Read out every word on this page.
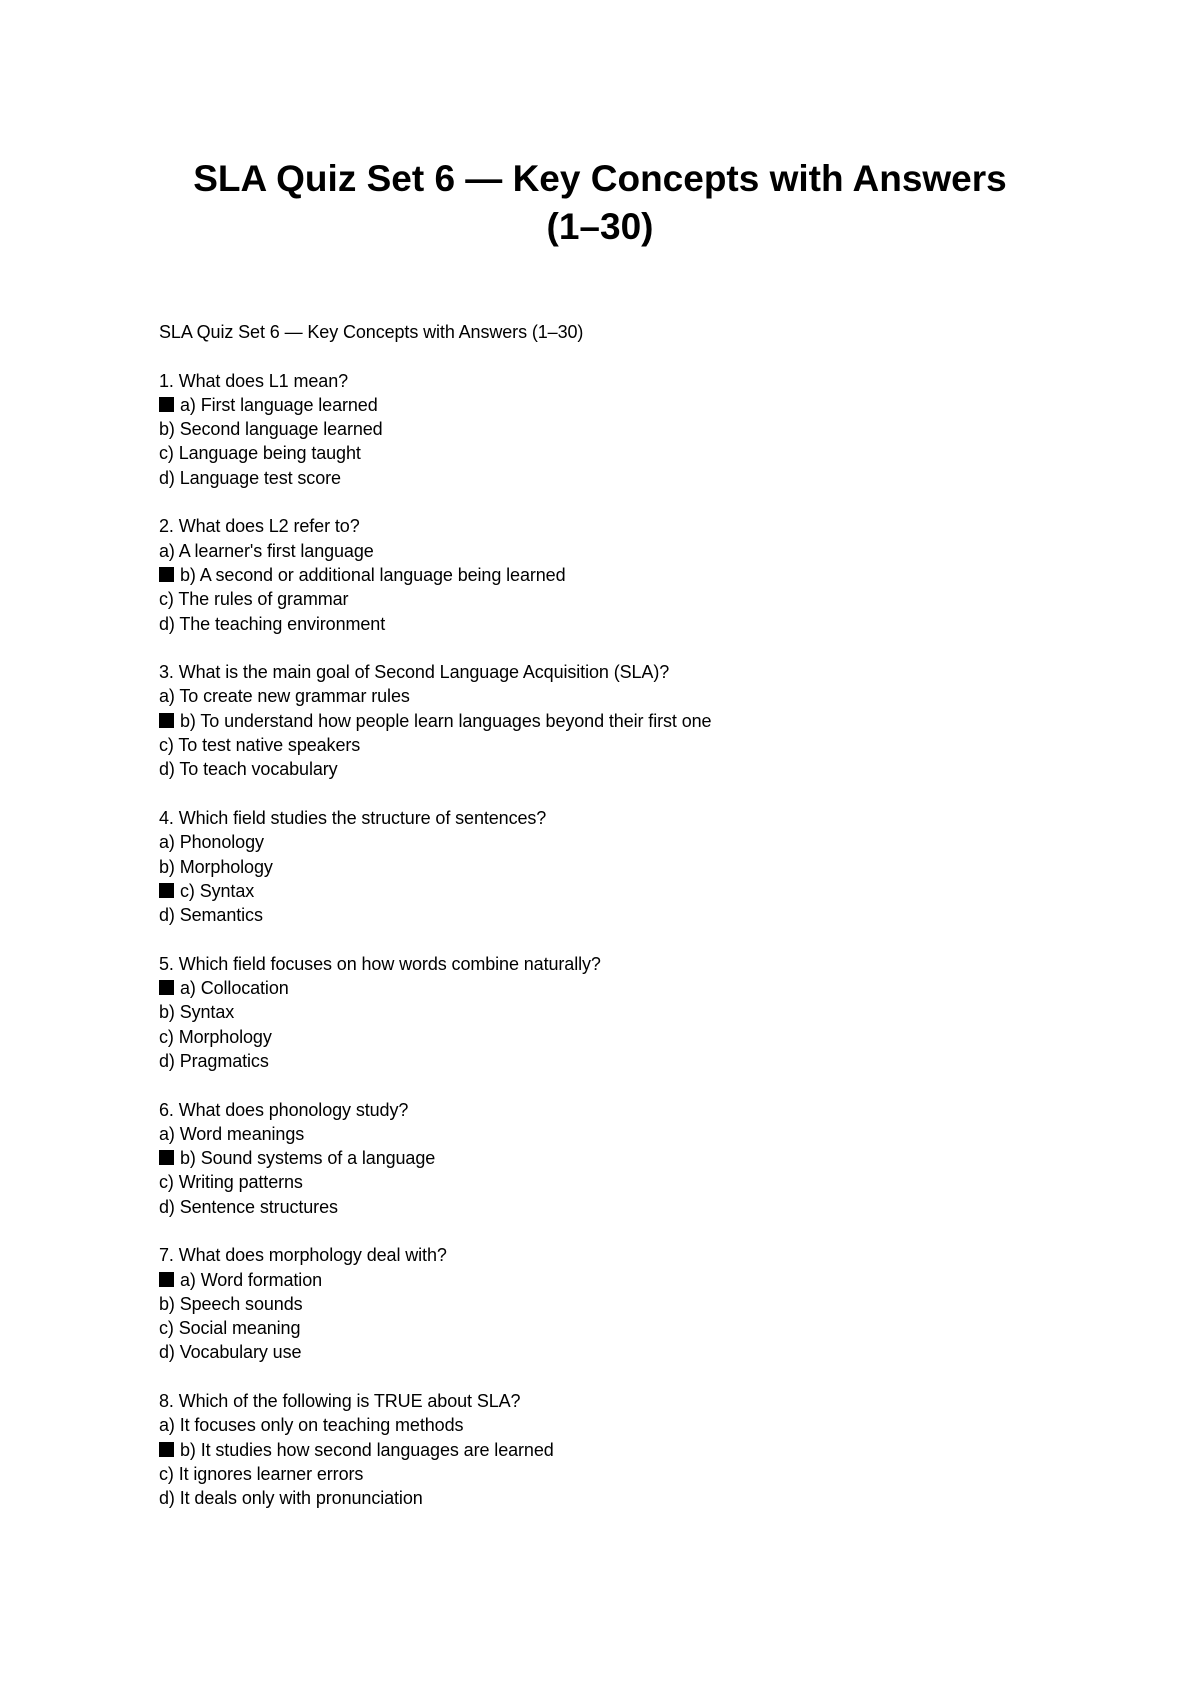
SLA Quiz Set 6 — Key Concepts with Answers
(1–30)
SLA Quiz Set 6 — Key Concepts with Answers (1–30)
1. What does L1 mean?
a) First language learned
b) Second language learned
c) Language being taught
d) Language test score
2. What does L2 refer to?
a) A learner's first language
b) A second or additional language being learned
c) The rules of grammar
d) The teaching environment
3. What is the main goal of Second Language Acquisition (SLA)?
a) To create new grammar rules
b) To understand how people learn languages beyond their first one
c) To test native speakers
d) To teach vocabulary
4. Which field studies the structure of sentences?
a) Phonology
b) Morphology
c) Syntax
d) Semantics
5. Which field focuses on how words combine naturally?
a) Collocation
b) Syntax
c) Morphology
d) Pragmatics
6. What does phonology study?
a) Word meanings
b) Sound systems of a language
c) Writing patterns
d) Sentence structures
7. What does morphology deal with?
a) Word formation
b) Speech sounds
c) Social meaning
d) Vocabulary use
8. Which of the following is TRUE about SLA?
a) It focuses only on teaching methods
b) It studies how second languages are learned
c) It ignores learner errors
d) It deals only with pronunciation
